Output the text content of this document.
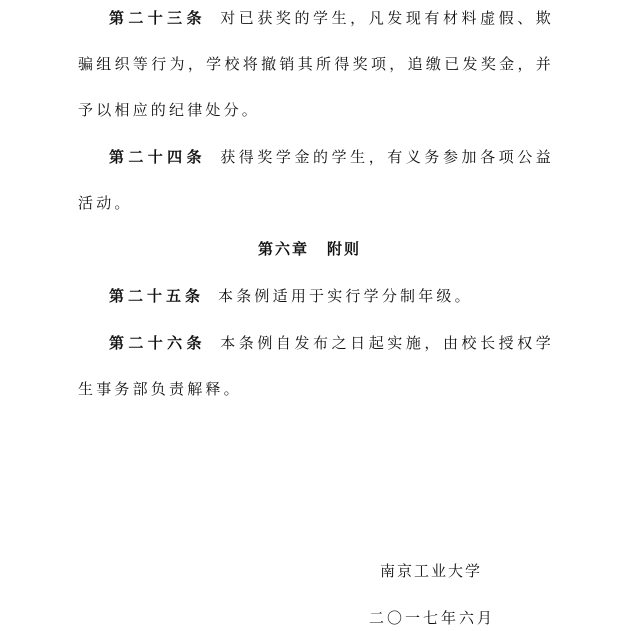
第二十三条 对已获奖的学生，凡发现有材料虚假、欺骗组织等行为，学校将撤销其所得奖项，追缴已发奖金，并予以相应的纪律处分。

第二十四条 获得奖学金的学生，有义务参加各项公益活动。

第六章 附则

第二十五条 本条例适用于实行学分制年级。

第二十六条 本条例自发布之日起实施，由校长授权学生事务部负责解释。

南京工业大学

二〇一七年六月
